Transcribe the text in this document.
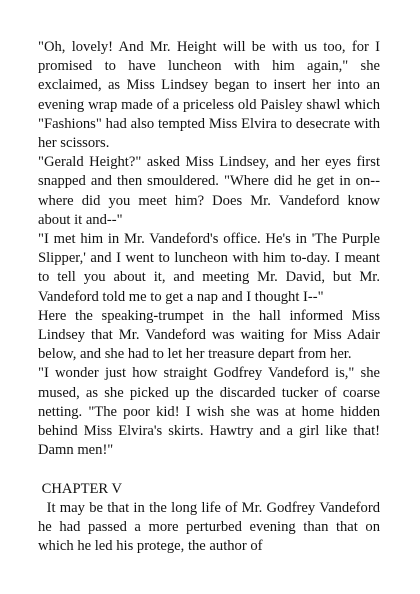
"Oh, lovely! And Mr. Height will be with us too, for I promised to have luncheon with him again," she exclaimed, as Miss Lindsey began to insert her into an evening wrap made of a priceless old Paisley shawl which "Fashions" had also tempted Miss Elvira to desecrate with her scissors.

"Gerald Height?" asked Miss Lindsey, and her eyes first snapped and then smouldered. "Where did he get in on--where did you meet him? Does Mr. Vandeford know about it and--"

"I met him in Mr. Vandeford's office. He's in 'The Purple Slipper,' and I went to luncheon with him to-day. I meant to tell you about it, and meeting Mr. David, but Mr. Vandeford told me to get a nap and I thought I--"

Here the speaking-trumpet in the hall informed Miss Lindsey that Mr. Vandeford was waiting for Miss Adair below, and she had to let her treasure depart from her.

"I wonder just how straight Godfrey Vandeford is," she mused, as she picked up the discarded tucker of coarse netting. "The poor kid! I wish she was at home hidden behind Miss Elvira's skirts. Hawtry and a girl like that! Damn men!"

CHAPTER V

It may be that in the long life of Mr. Godfrey Vandeford he had passed a more perturbed evening than that on which he led his protege, the author of
